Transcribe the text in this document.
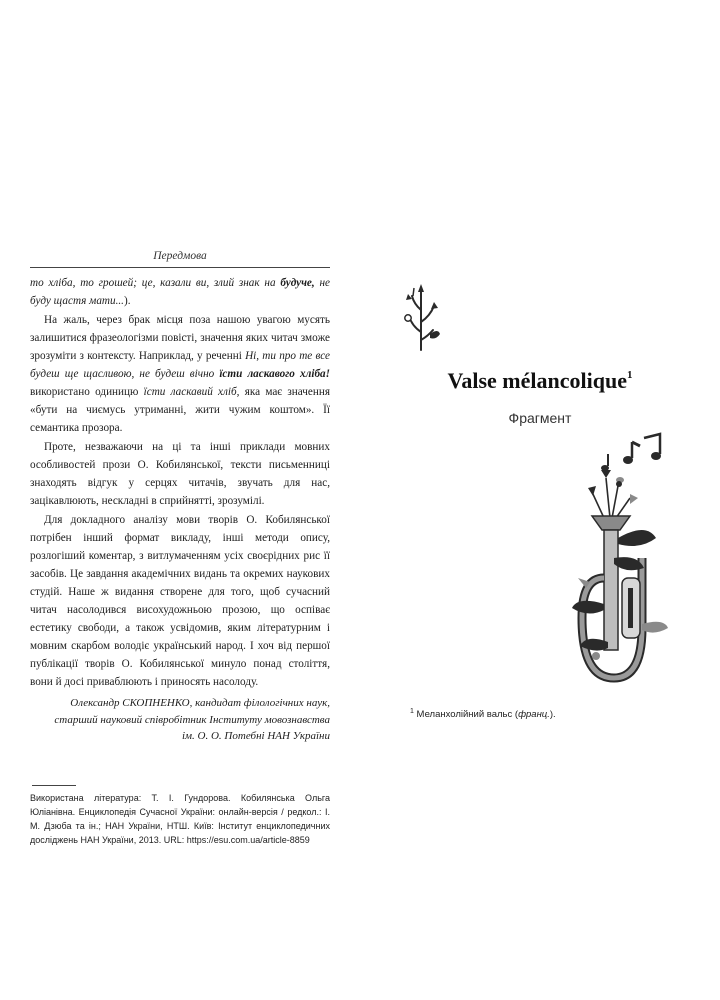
Передмова

то хліба, то грошей; це, казали ви, злий знак на будуче, не буду щастя мати...).

На жаль, через брак місця поза нашою увагою мусять залишитися фразеологізми повісті, значення яких читач зможе зрозуміти з контексту. Наприклад, у реченні Ні, ти про те все будеш ще щасливою, не будеш вічно їсти ласкавого хліба! використано одиницю їсти ласкавий хліб, яка має значення «бути на чиємусь утриманні, жити чужим коштом». Її семантика прозора.

Проте, незважаючи на ці та інші приклади мовних особливостей прози О. Кобилянської, тексти письменниці знаходять відгук у серцях читачів, звучать для нас, зацікавлюють, нескладні в сприйнятті, зрозумілі.

Для докладного аналізу мови творів О. Кобилянської потрібен інший формат викладу, інші методи опису, розлогіший коментар, з витлумаченням усіх своєрідних рис її засобів. Це завдання академічних видань та окремих наукових студій. Наше ж видання створене для того, щоб сучасний читач насолодився висохудожньою прозою, що оспіває естетику свободи, а також усвідомив, яким літературним і мовним скарбом володіє український народ. І хоч від першої публікації творів О. Кобилянської минуло понад століття, вони й досі приваблюють і приносять насолоду.

Олександр СКОПНЕНКО, кандидат філологічних наук,
старший науковий співробітник Інституту мовознавства
ім. О. О. Потебні НАН України
Використана література: Т. І. Гундорова. Кобилянська Ольга Юліанівна. Енциклопедія Сучасної України: онлайн-версія / редкол.: І. М. Дзюба та ін.; НАН України, НТШ. Київ: Інститут енциклопедичних досліджень НАН України, 2013. URL: https://esu.com.ua/article-8859
Valse mélancolique$^1$
Фрагмент
$^1$ Меланхолійний вальс (франц.).
